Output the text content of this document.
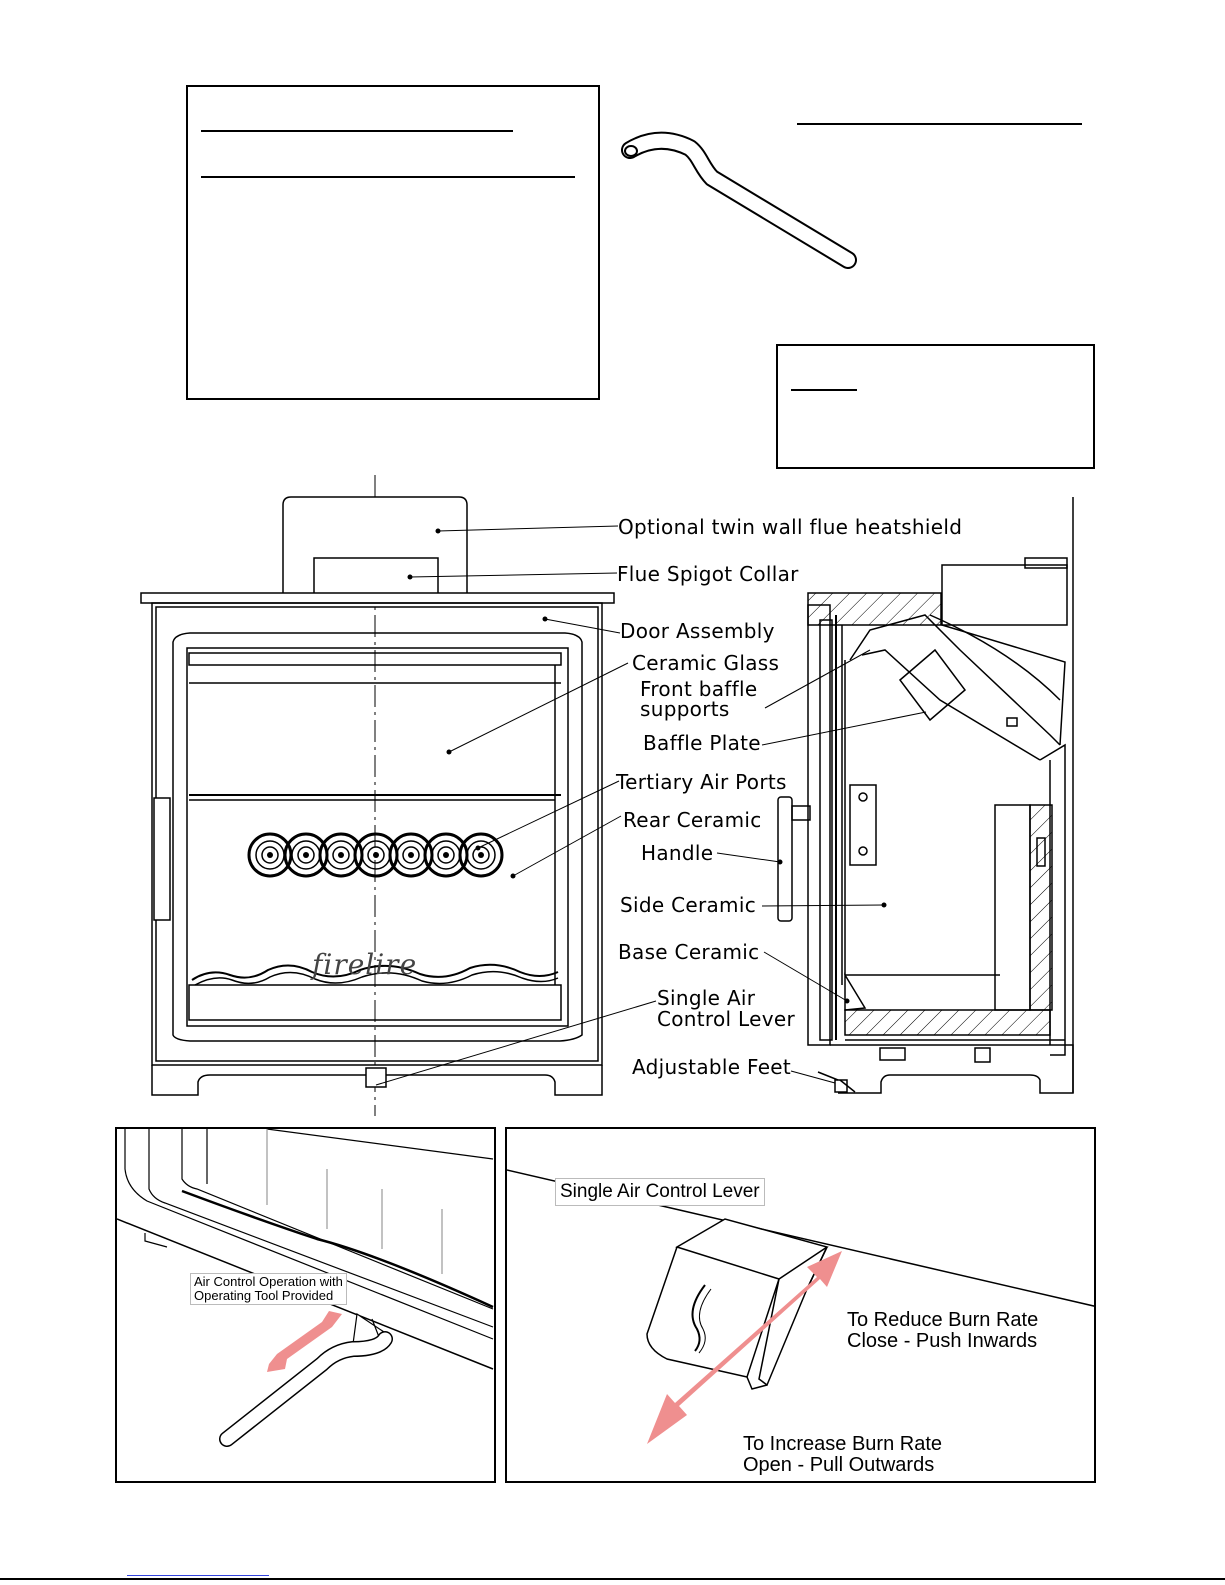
firelire
Optional twin wall flue heatshield
Flue Spigot Collar
Door Assembly
Ceramic Glass
Front baffle
supports
Baffle Plate
Tertiary Air Ports
Rear Ceramic
Handle
Side Ceramic
Base Ceramic
Single Air
Control Lever
Adjustable Feet
Air Control Operation with
Operating Tool Provided
Single Air Control Lever
To Reduce Burn Rate
Close - Push Inwards
To Increase Burn Rate
Open - Pull Outwards
